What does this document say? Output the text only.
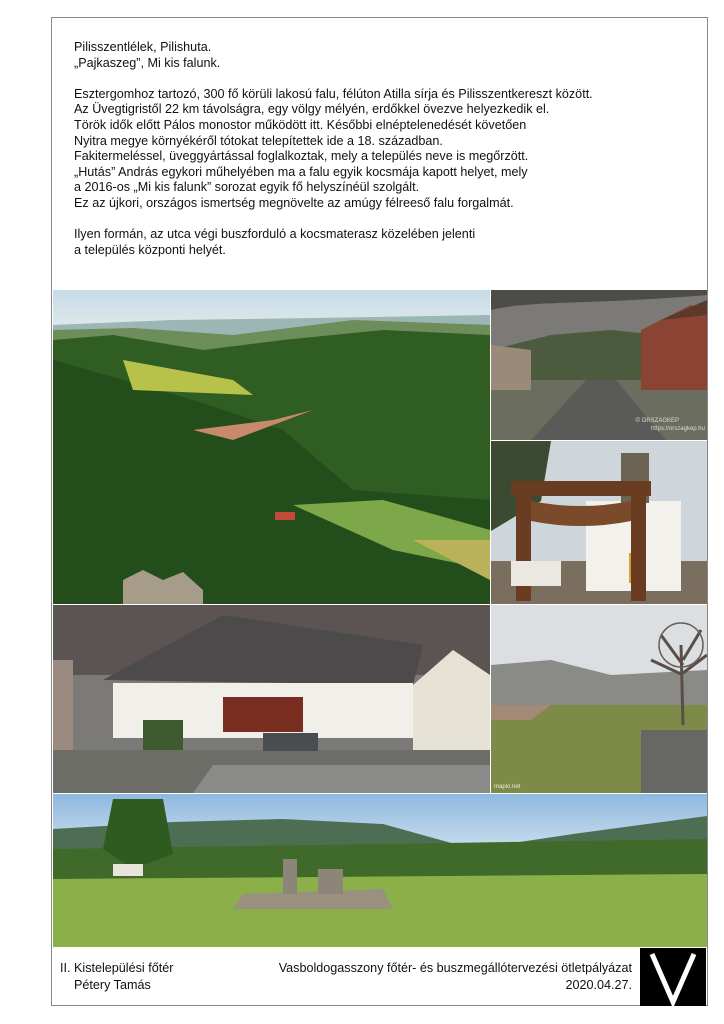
Pilisszentlélek, Pilishuta.

„Pajkaszeg”, Mi kis falunk.

Esztergomhoz tartozó, 300 fő körüli lakosú falu, félúton Atilla sírja és Pilisszentkereszt között.

Az Üvegtigristől 22 km távolságra, egy völgy mélyén, erdőkkel övezve helyezkedik el.

Török idők előtt Pálos monostor működött itt. Későbbi elnéptelenedését követően

Nyitra megye környékéről tótokat telepítettek ide a 18. században.

Fakitermeléssel, üveggyártással foglalkoztak, mely a település neve is megőrzött.

„Hutás” András egykori műhelyében ma a falu egyik kocsmája kapott helyet, mely

a 2016-os „Mi kis falunk” sorozat egyik fő helyszínéül szolgált.

Ez az újkori, országos ismertség megnövelte az amúgy félreeső falu forgalmát.

Ilyen formán, az utca végi buszforduló a kocsmaterasz közelében jelenti

a település központi helyét.

© ORSZAGKEP
https://orszagkep.hu
mapio.net

II. Kistelepülési főtér

Pétery Tamás

Vasboldogasszony főtér- és buszmegállótervezési ötletpályázat

2020.04.27.
